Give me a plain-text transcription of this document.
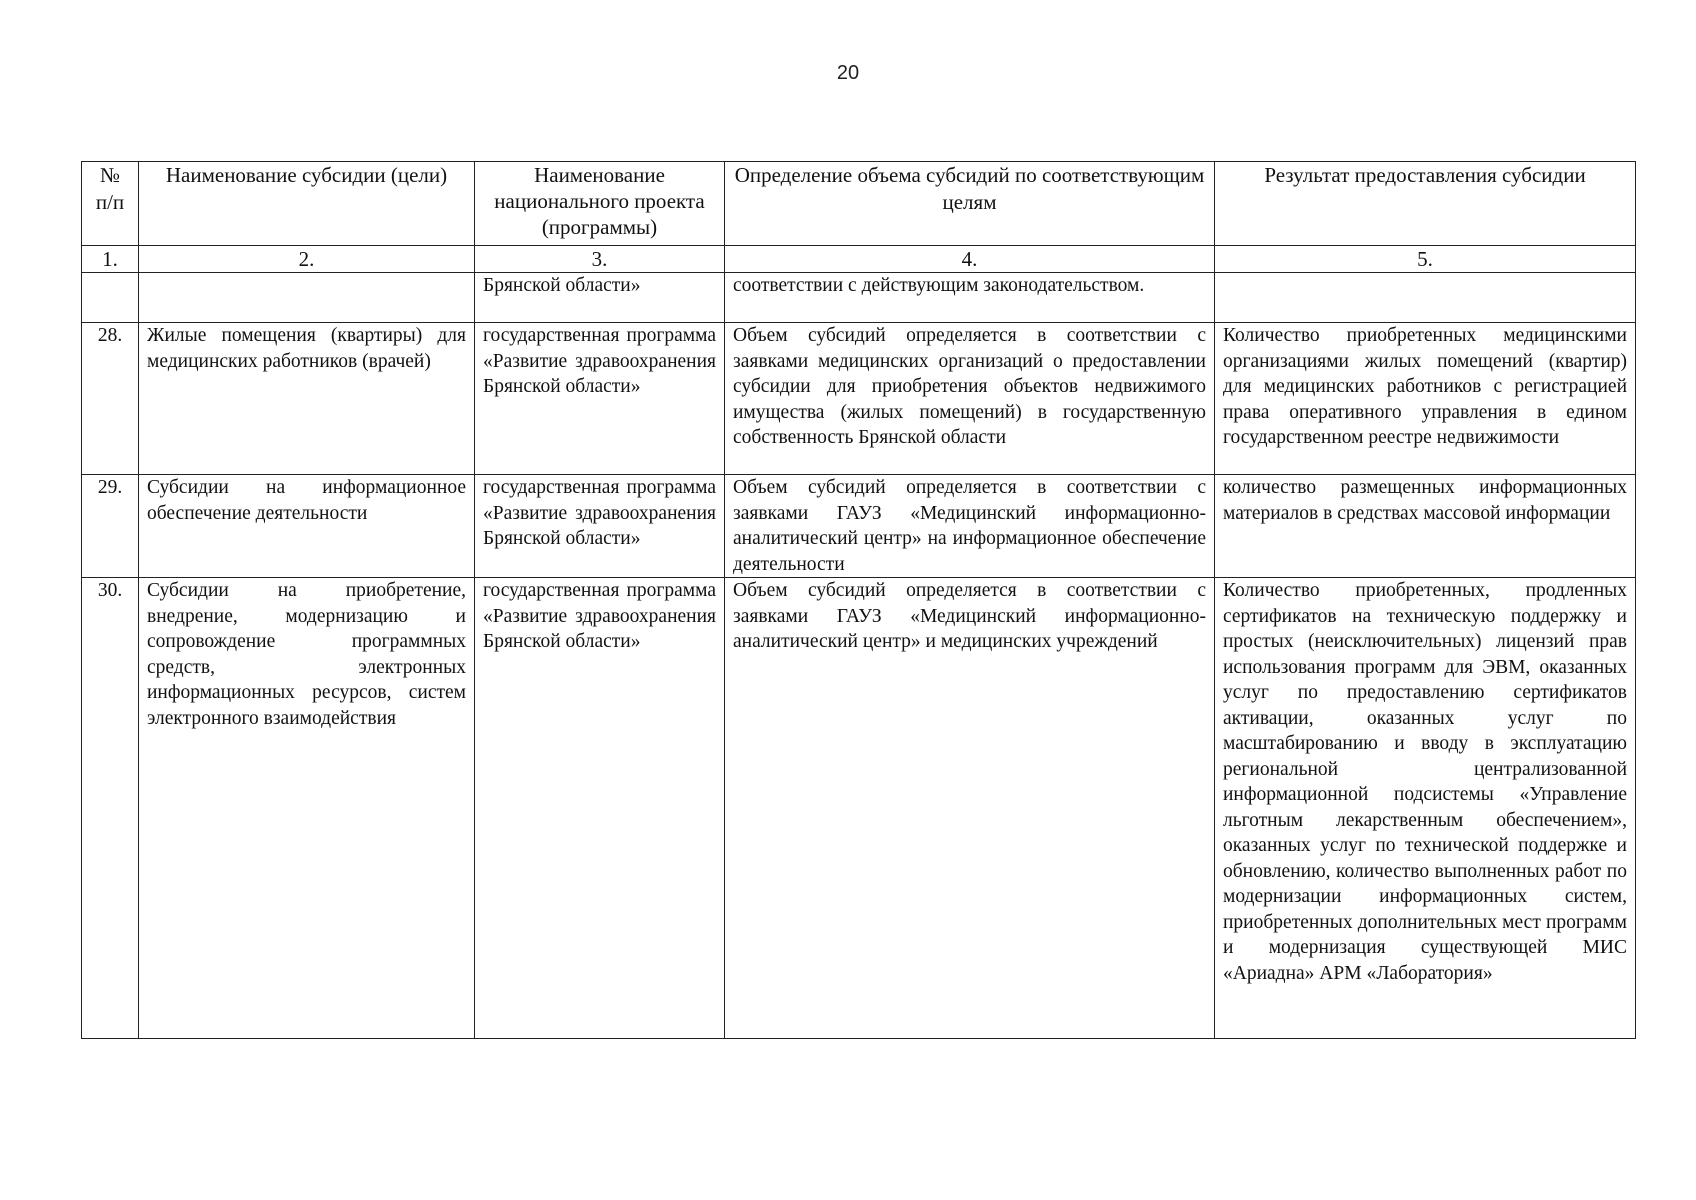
20
№ п/п	Наименование субсидии (цели)	Наименование национального проекта (программы)	Определение объема субсидий по соответствующим целям	Результат предоставления субсидии
1.	2.	3.	4.	5.
		Брянской области»	соответствии с действующим законодательством.	
28.	Жилые помещения (квартиры) для медицинских работников (врачей)	государственная программа «Развитие здравоохранения Брянской области»	Объем субсидий определяется в соответствии с заявками медицинских организаций о предоставлении субсидии для приобретения объектов недвижимого имущества (жилых помещений) в государственную собственность Брянской области	Количество приобретенных медицинскими организациями жилых помещений (квартир) для медицинских работников с регистрацией права оперативного управления в едином государственном реестре недвижимости
29.	Субсидии на информационное обеспечение деятельности	государственная программа «Развитие здравоохранения Брянской области»	Объем субсидий определяется в соответствии с заявками ГАУЗ «Медицинский информационно-аналитический центр» на информационное обеспечение деятельности	количество размещенных информационных материалов в средствах массовой информации
30.	Субсидии на приобретение, внедрение, модернизацию и сопровождение программных средств, электронных информационных ресурсов, систем электронного взаимодействия	государственная программа «Развитие здравоохранения Брянской области»	Объем субсидий определяется в соответствии с заявками ГАУЗ «Медицинский информационно-аналитический центр» и медицинских учреждений	Количество приобретенных, продленных сертификатов на техническую поддержку и простых (неисключительных) лицензий прав использования программ для ЭВМ, оказанных услуг по предоставлению сертификатов активации, оказанных услуг по масштабированию и вводу в эксплуатацию региональной централизованной информационной подсистемы «Управление льготным лекарственным обеспечением», оказанных услуг по технической поддержке и обновлению, количество выполненных работ по модернизации информационных систем, приобретенных дополнительных мест программ и модернизация существующей МИС «Ариадна» АРМ «Лаборатория»
